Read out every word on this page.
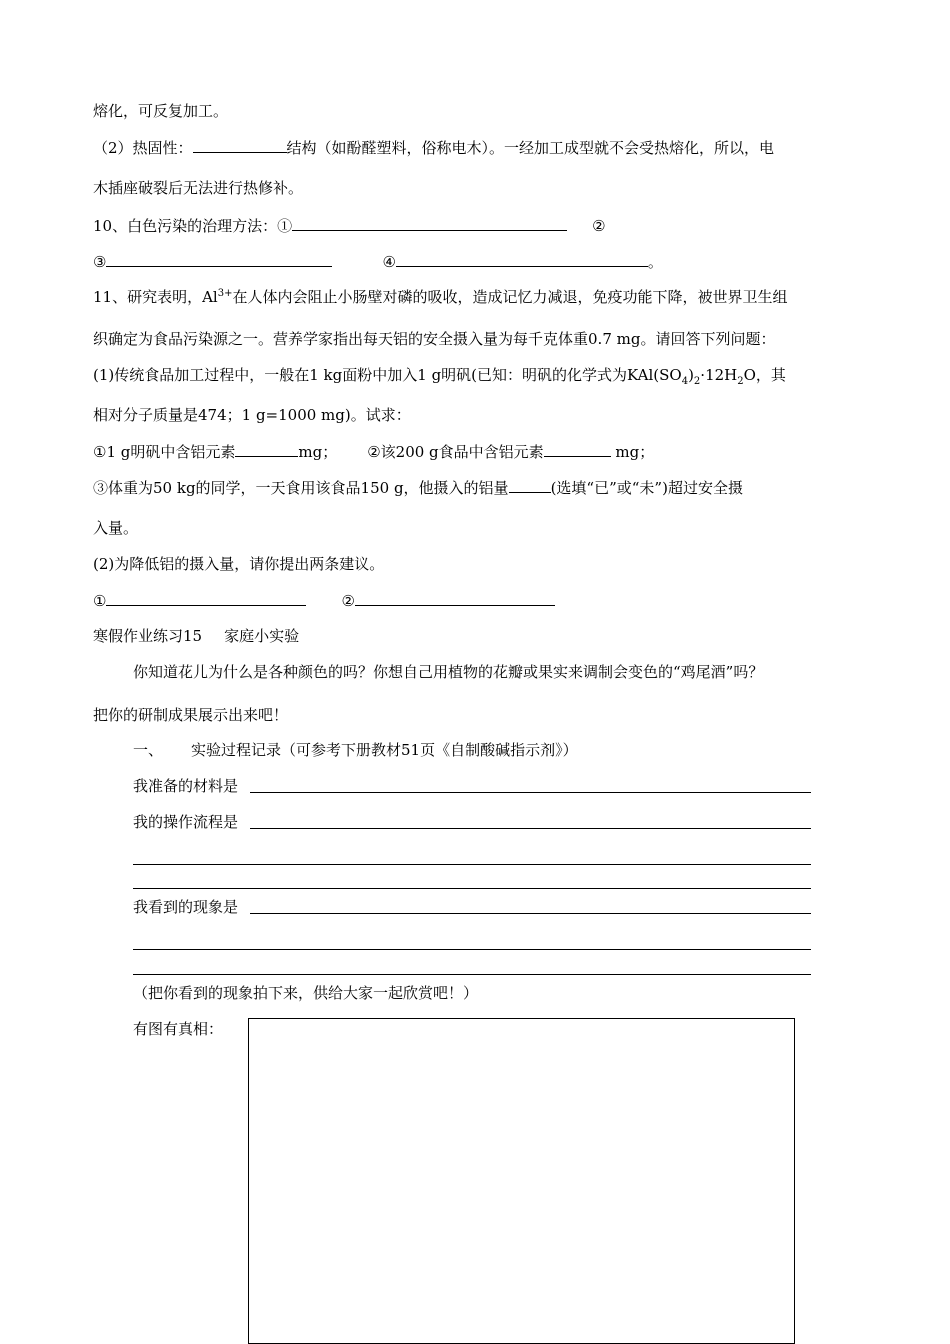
熔化，可反复加工。
（2）热固性：	结构（如酚醛塑料，俗称电木）。一经加工成型就不会受热熔化，所以，电
木插座破裂后无法进行热修补。
10、白色污染的治理方法：①	②
③	④	。
11、研究表明，$Al^{3+}$在人体内会阻止小肠壁对磷的吸收，造成记忆力减退，免疫功能下降，被世界卫生组
织确定为食品污染源之一。营养学家指出每天铝的安全摄入量为每千克体重0.7 mg。请回答下列问题：
(1)传统食品加工过程中，一般在1 kg面粉中加入1 g明矾(已知：明矾的化学式为$KAl(SO_4)_2\cdot 12H_2O$，其
相对分子质量是474；1 g=1000 mg)。试求：
①1 g明矾中含铝元素	mg； ②该200 g食品中含铝元素	mg；
③体重为50 kg的同学，一天食用该食品150 g，他摄入的铝量	(选填“已”或“未”)超过安全摄
入量。
(2)为降低铝的摄入量，请你提出两条建议。
①	②
寒假作业练习15 家庭小实验
你知道花儿为什么是各种颜色的吗？你想自己用植物的花瓣或果实来调制会变色的“鸡尾酒”吗？
把你的研制成果展示出来吧！
一、 实验过程记录（可参考下册教材51页《自制酸碱指示剂》）
我准备的材料是
我的操作流程是
我看到的现象是
（把你看到的现象拍下来，供给大家一起欣赏吧！）
有图有真相：
